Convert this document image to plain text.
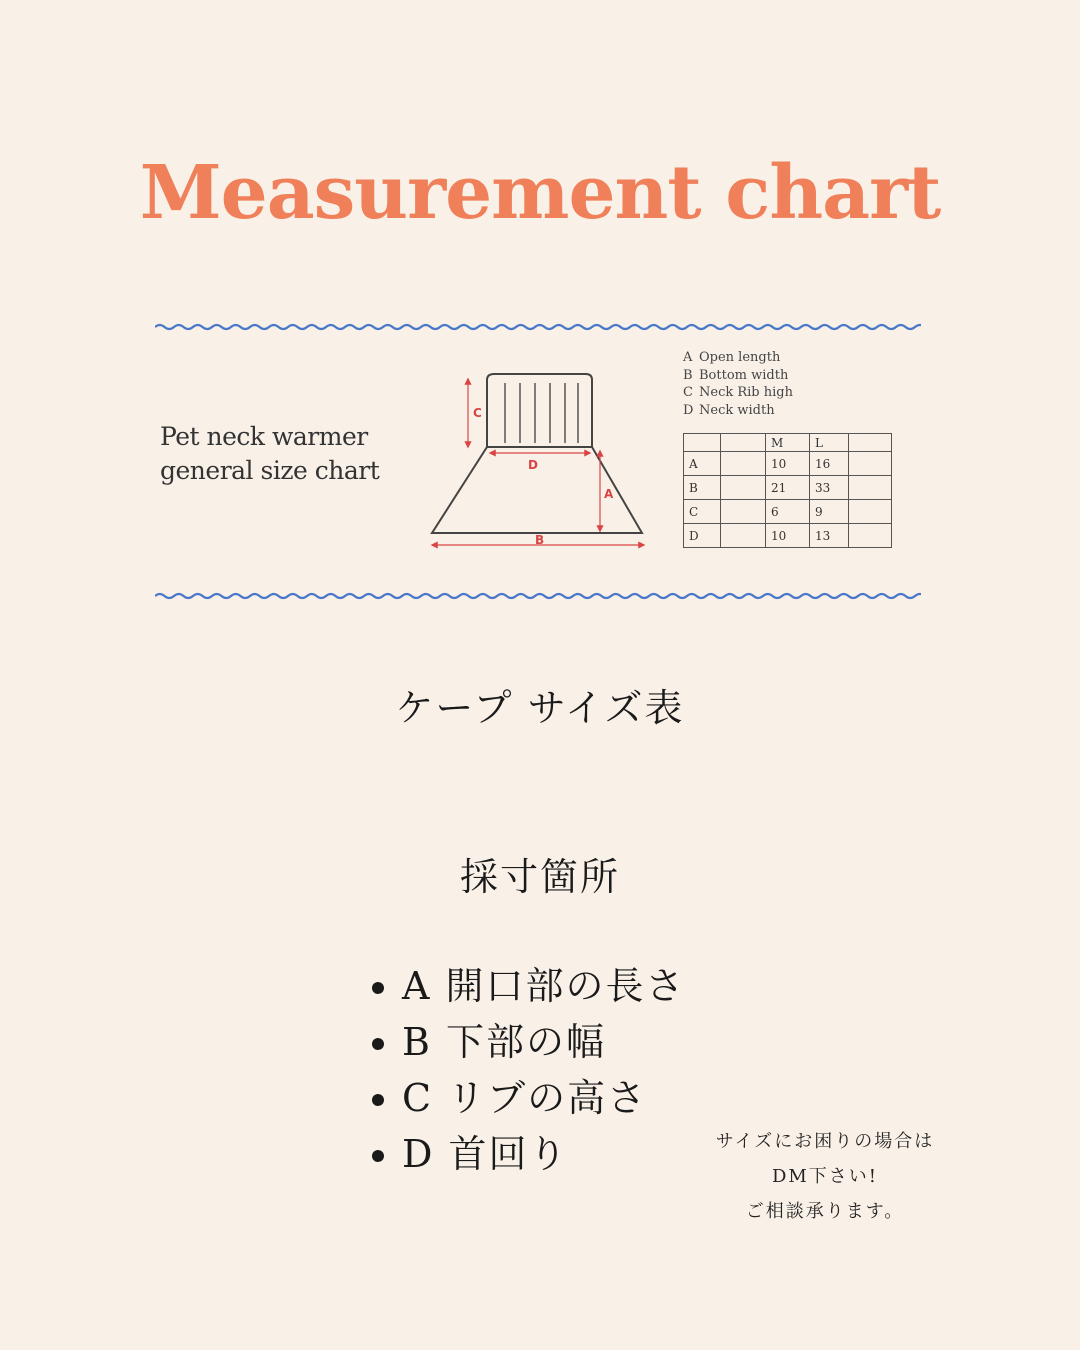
Measurement chart
Pet neck warmer
general size chart
C
D
A
B
A Open length
B Bottom width
C Neck Rib high
D Neck width
		M	L	
A		10	16	
B		21	33	
C		6	9	
D		10	13	
ケープ サイズ表
採寸箇所
A 開口部の長さ
B 下部の幅
C リブの高さ
D 首回り	サイズにお困りの場合は
DM下さい!
ご相談承ります。
